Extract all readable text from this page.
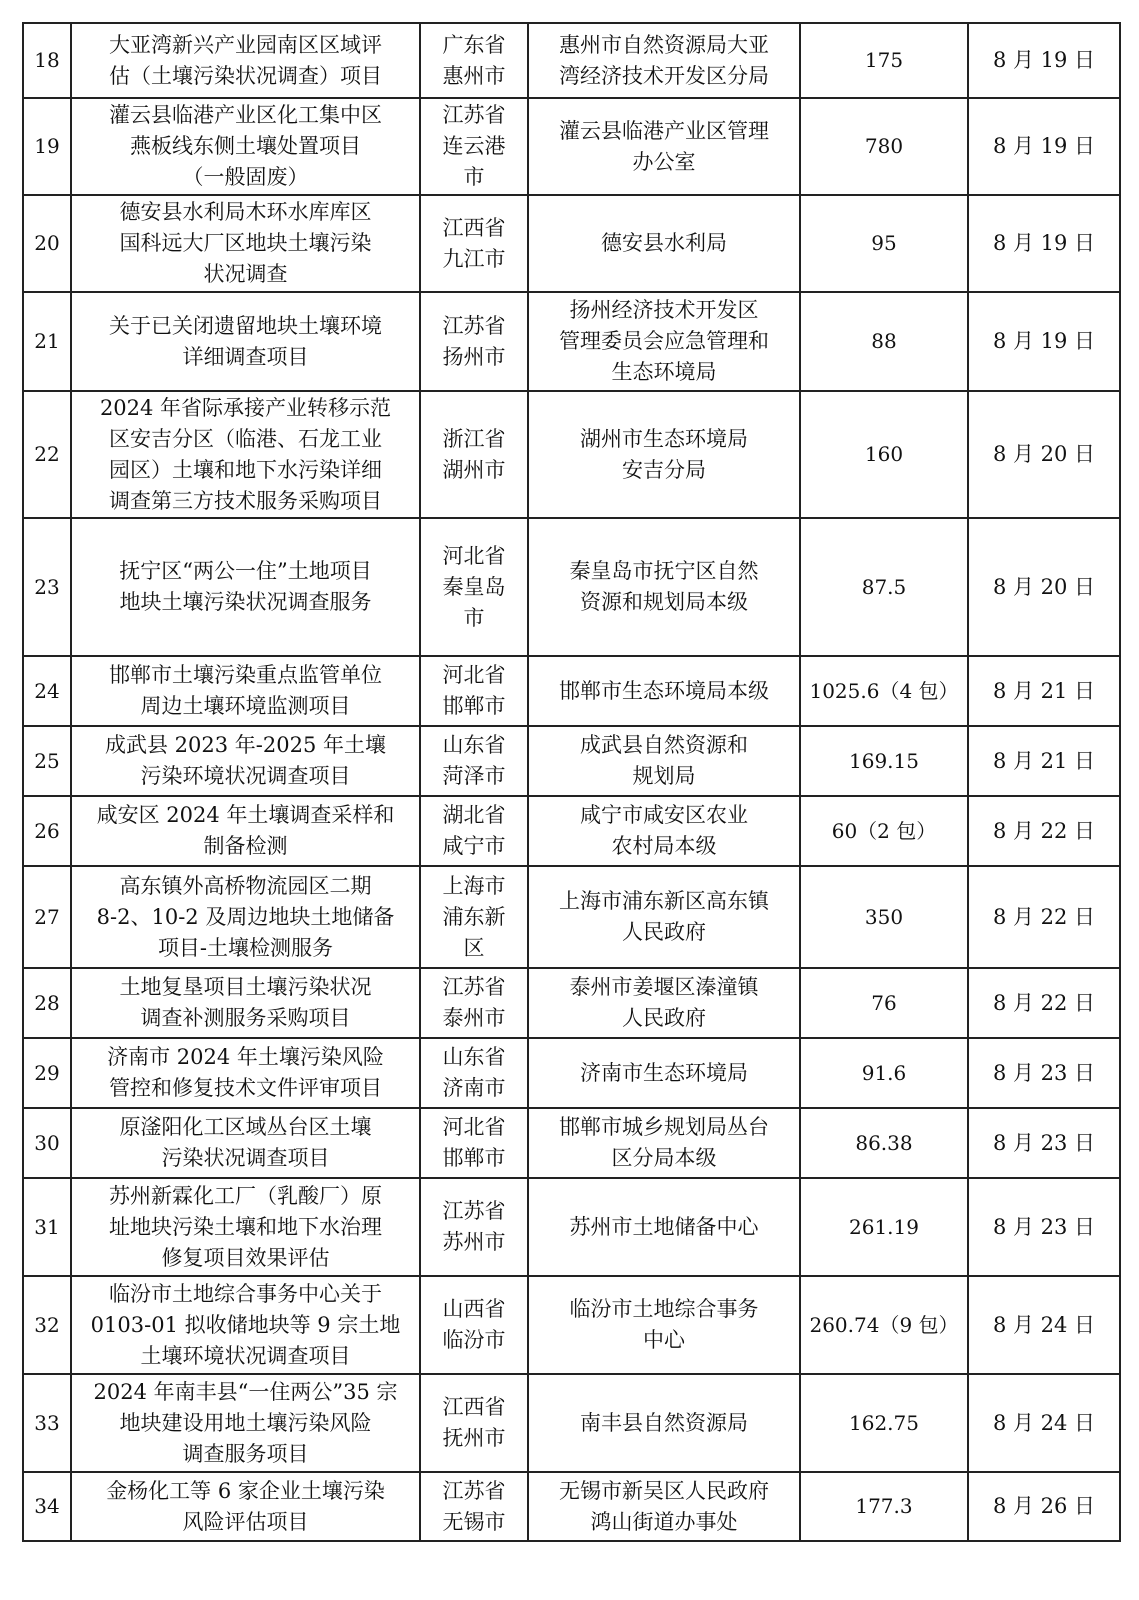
18	大亚湾新兴产业园南区区域评
估（土壤污染状况调查）项目	广东省
惠州市	惠州市自然资源局大亚
湾经济技术开发区分局	175	8 月 19 日
19	灌云县临港产业区化工集中区
燕板线东侧土壤处置项目
（一般固废）	江苏省
连云港
市	灌云县临港产业区管理
办公室	780	8 月 19 日
20	德安县水利局木环水库库区
国科远大厂区地块土壤污染
状况调查	江西省
九江市	德安县水利局	95	8 月 19 日
21	关于已关闭遗留地块土壤环境
详细调查项目	江苏省
扬州市	扬州经济技术开发区
管理委员会应急管理和
生态环境局	88	8 月 19 日
22	2024 年省际承接产业转移示范
区安吉分区（临港、石龙工业
园区）土壤和地下水污染详细
调查第三方技术服务采购项目	浙江省
湖州市	湖州市生态环境局
安吉分局	160	8 月 20 日
23	抚宁区“两公一住”土地项目
地块土壤污染状况调查服务	河北省
秦皇岛
市	秦皇岛市抚宁区自然
资源和规划局本级	87.5	8 月 20 日
24	邯郸市土壤污染重点监管单位
周边土壤环境监测项目	河北省
邯郸市	邯郸市生态环境局本级	1025.6（4 包）	8 月 21 日
25	成武县 2023 年-2025 年土壤
污染环境状况调查项目	山东省
菏泽市	成武县自然资源和
规划局	169.15	8 月 21 日
26	咸安区 2024 年土壤调查采样和
制备检测	湖北省
咸宁市	咸宁市咸安区农业
农村局本级	60（2 包）	8 月 22 日
27	高东镇外高桥物流园区二期
8-2、10-2 及周边地块土地储备
项目-土壤检测服务	上海市
浦东新
区	上海市浦东新区高东镇
人民政府	350	8 月 22 日
28	土地复垦项目土壤污染状况
调查补测服务采购项目	江苏省
泰州市	泰州市姜堰区溱潼镇
人民政府	76	8 月 22 日
29	济南市 2024 年土壤污染风险
管控和修复技术文件评审项目	山东省
济南市	济南市生态环境局	91.6	8 月 23 日
30	原滏阳化工区域丛台区土壤
污染状况调查项目	河北省
邯郸市	邯郸市城乡规划局丛台
区分局本级	86.38	8 月 23 日
31	苏州新霖化工厂（乳酸厂）原
址地块污染土壤和地下水治理
修复项目效果评估	江苏省
苏州市	苏州市土地储备中心	261.19	8 月 23 日
32	临汾市土地综合事务中心关于
0103-01 拟收储地块等 9 宗土地
土壤环境状况调查项目	山西省
临汾市	临汾市土地综合事务
中心	260.74（9 包）	8 月 24 日
33	2024 年南丰县“一住两公”35 宗
地块建设用地土壤污染风险
调查服务项目	江西省
抚州市	南丰县自然资源局	162.75	8 月 24 日
34	金杨化工等 6 家企业土壤污染
风险评估项目	江苏省
无锡市	无锡市新吴区人民政府
鸿山街道办事处	177.3	8 月 26 日
